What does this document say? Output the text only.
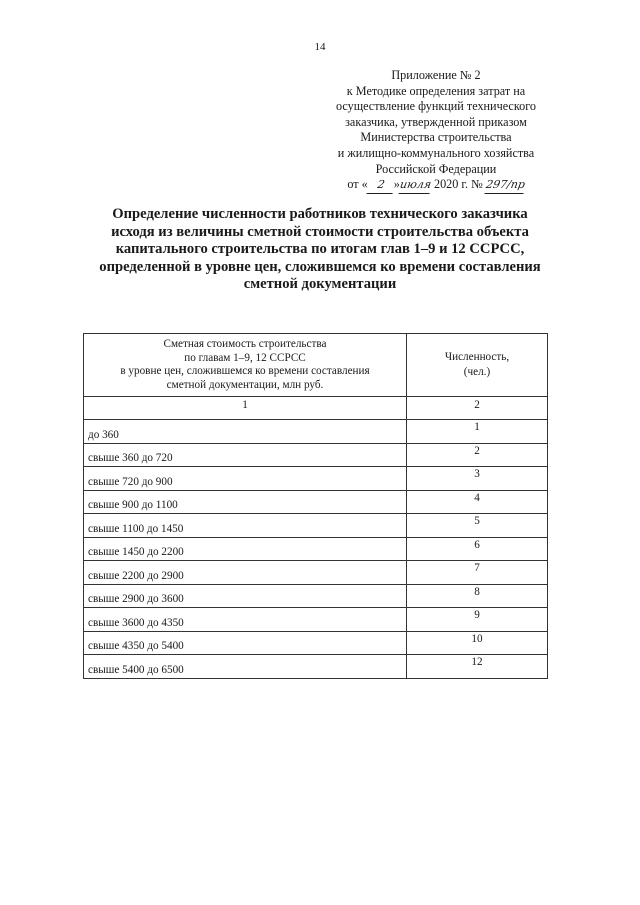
14
Приложение № 2
к Методике определения затрат на
осуществление функций технического
заказчика, утвержденной приказом
Министерства строительства
и жилищно-коммунального хозяйства
Российской Федерации
от « 2 »июля 2020 г. № 297/пр
Определение численности работников технического заказчика
исходя из величины сметной стоимости строительства объекта
капитального строительства по итогам глав 1–9 и 12 ССРСС,
определенной в уровне цен, сложившемся ко времени составления
сметной документации
Сметная стоимость строительства
по главам 1–9, 12 ССРСС
в уровне цен, сложившемся ко времени составления
сметной документации, млн руб.	Численность,
(чел.)

1	2
до 360	1
свыше 360 до 720	2
свыше 720 до 900	3
свыше 900 до 1100	4
свыше 1100 до 1450	5
свыше 1450 до 2200	6
свыше 2200 до 2900	7
свыше 2900 до 3600	8
свыше 3600 до 4350	9
свыше 4350 до 5400	10
свыше 5400 до 6500	12
